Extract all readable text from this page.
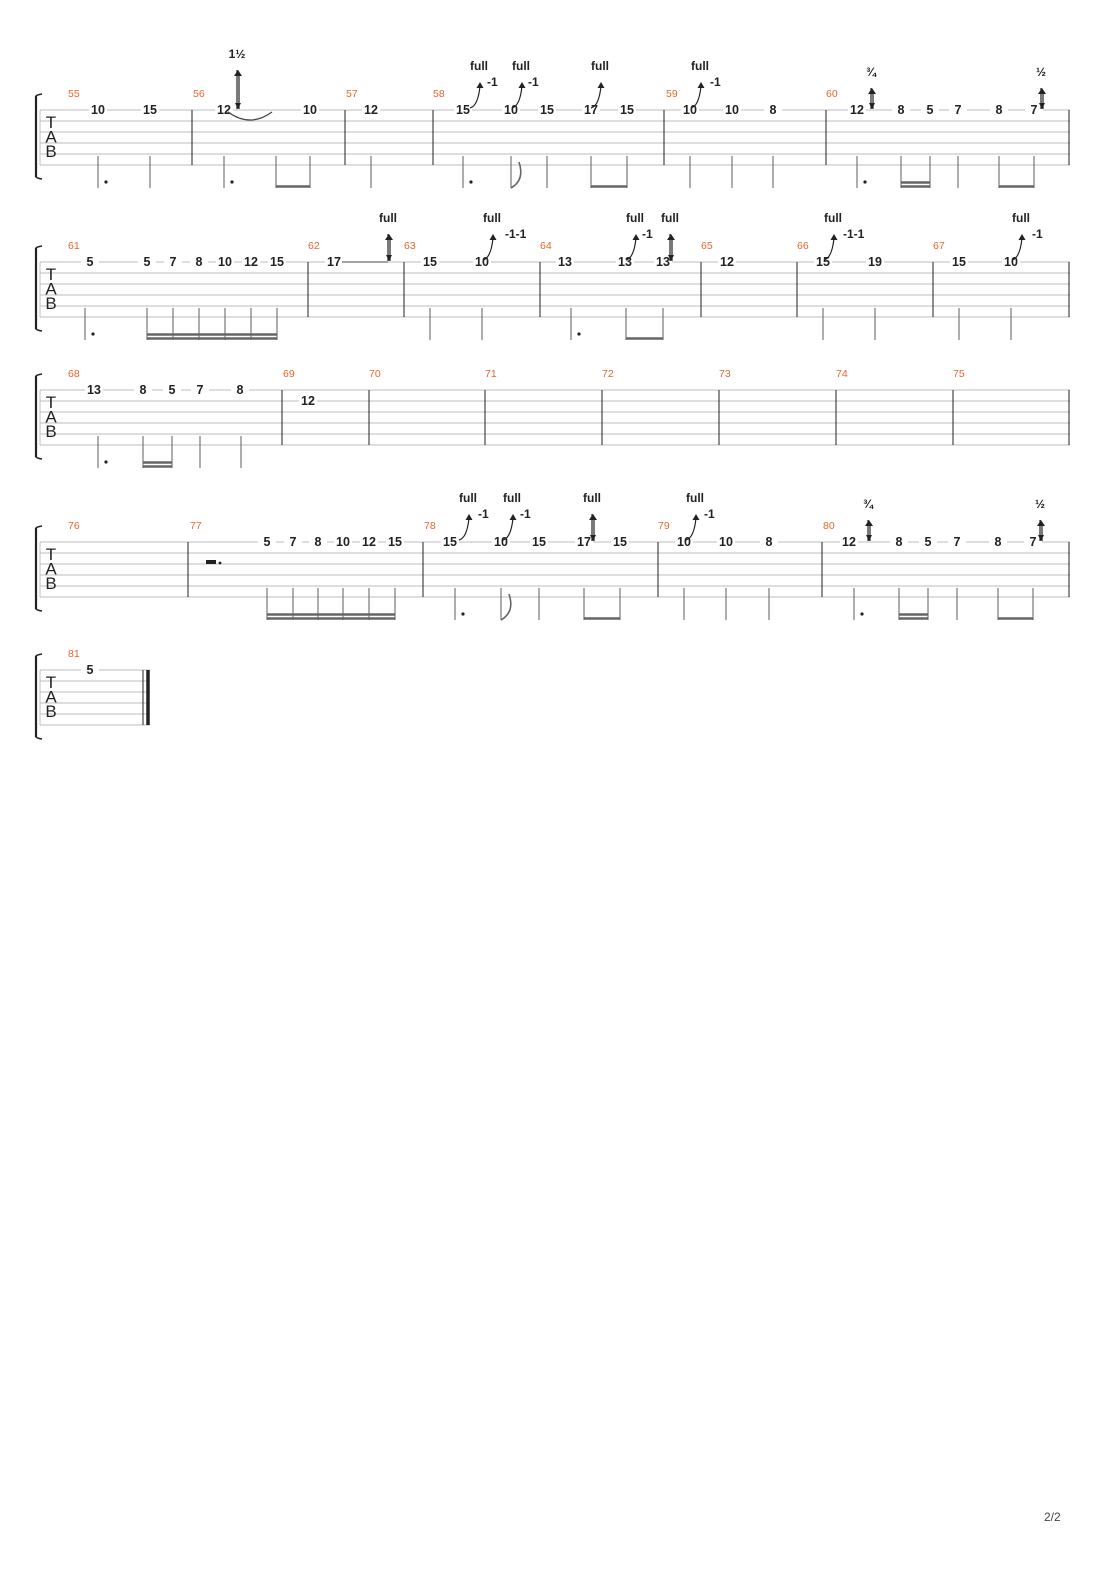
T
A
B
55	56	57	58	59	60
10	15	12	10	12	15	10 15 17 15	10 10 8	12	8 5 7	8 7
1½
full full	full	full	¾	½
-1	-1	-1
T
A
B
61	62	63	64	65	66	67
5	5 7 8 10 12 15	17	15	10	13	13 13	12	15	19	15	10
full	full	full full	full	full
-1-1	-1	-1-1	-1
T
A
B
68	69	70	71	72	73	74	75
13	8 5 7	8
12
T
A
B
76	77	78	79	80
5 7 8 10 12 15	15	10 15 17 15	10 10	8	12	8 5 7	8 7
full full	full	full	¾	½
-1	-1	-1
T
A
B
81
5
2/2
